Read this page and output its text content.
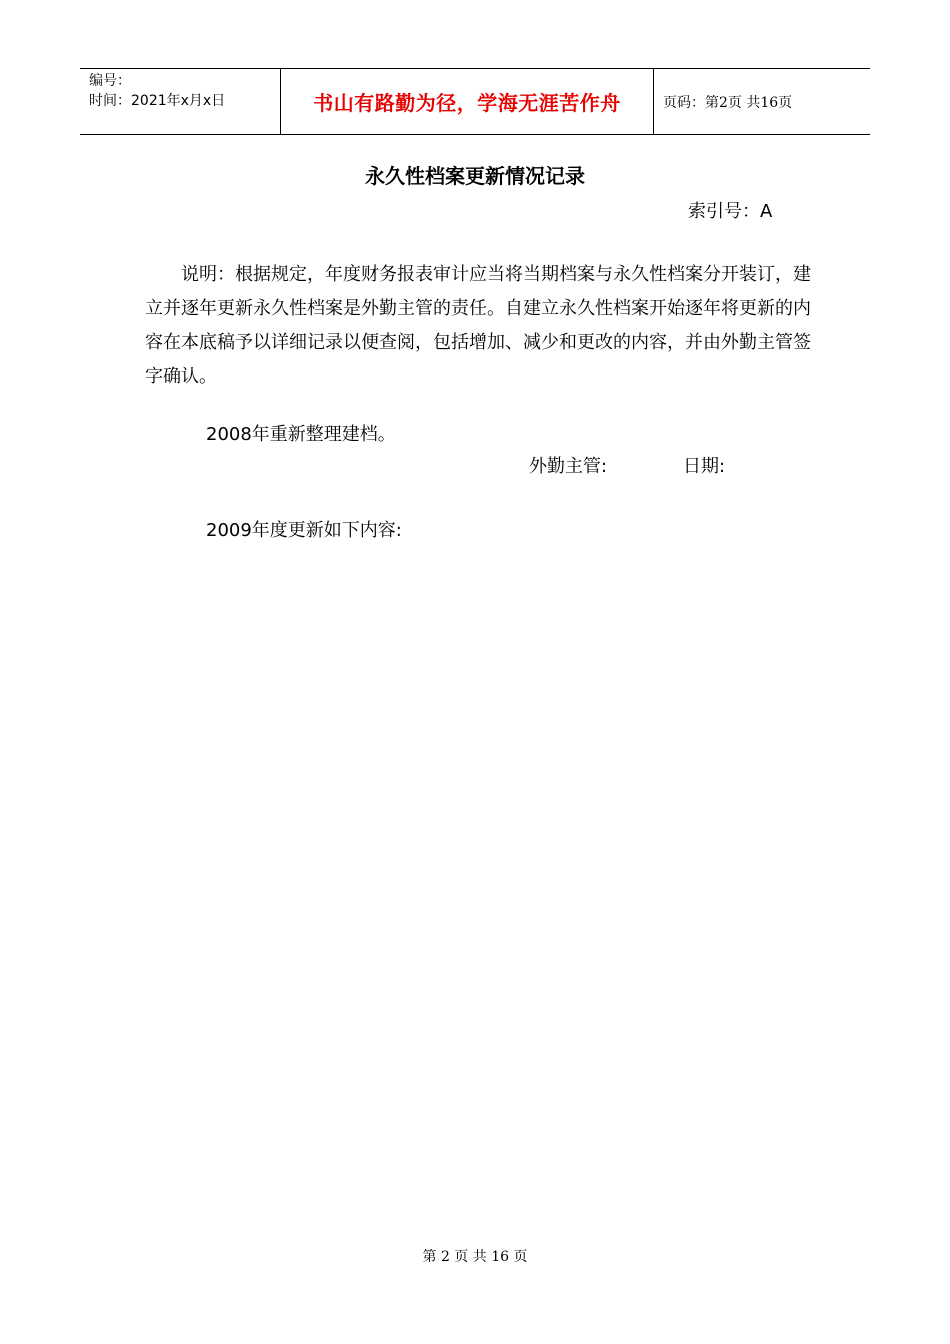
编号：
时间：2021年x月x日	书山有路勤为径，学海无涯苦作舟	页码：第2页 共16页
永久性档案更新情况记录
索引号：A

说明：根据规定，年度财务报表审计应当将当期档案与永久性档案分开装订，建立并逐年更新永久性档案是外勤主管的责任。自建立永久性档案开始逐年将更新的内容在本底稿予以详细记录以便查阅，包括增加、减少和更改的内容，并由外勤主管签字确认。

2008年重新整理建档。
外勤主管:	日期:
2009年度更新如下内容:
第 2 页 共 16 页
